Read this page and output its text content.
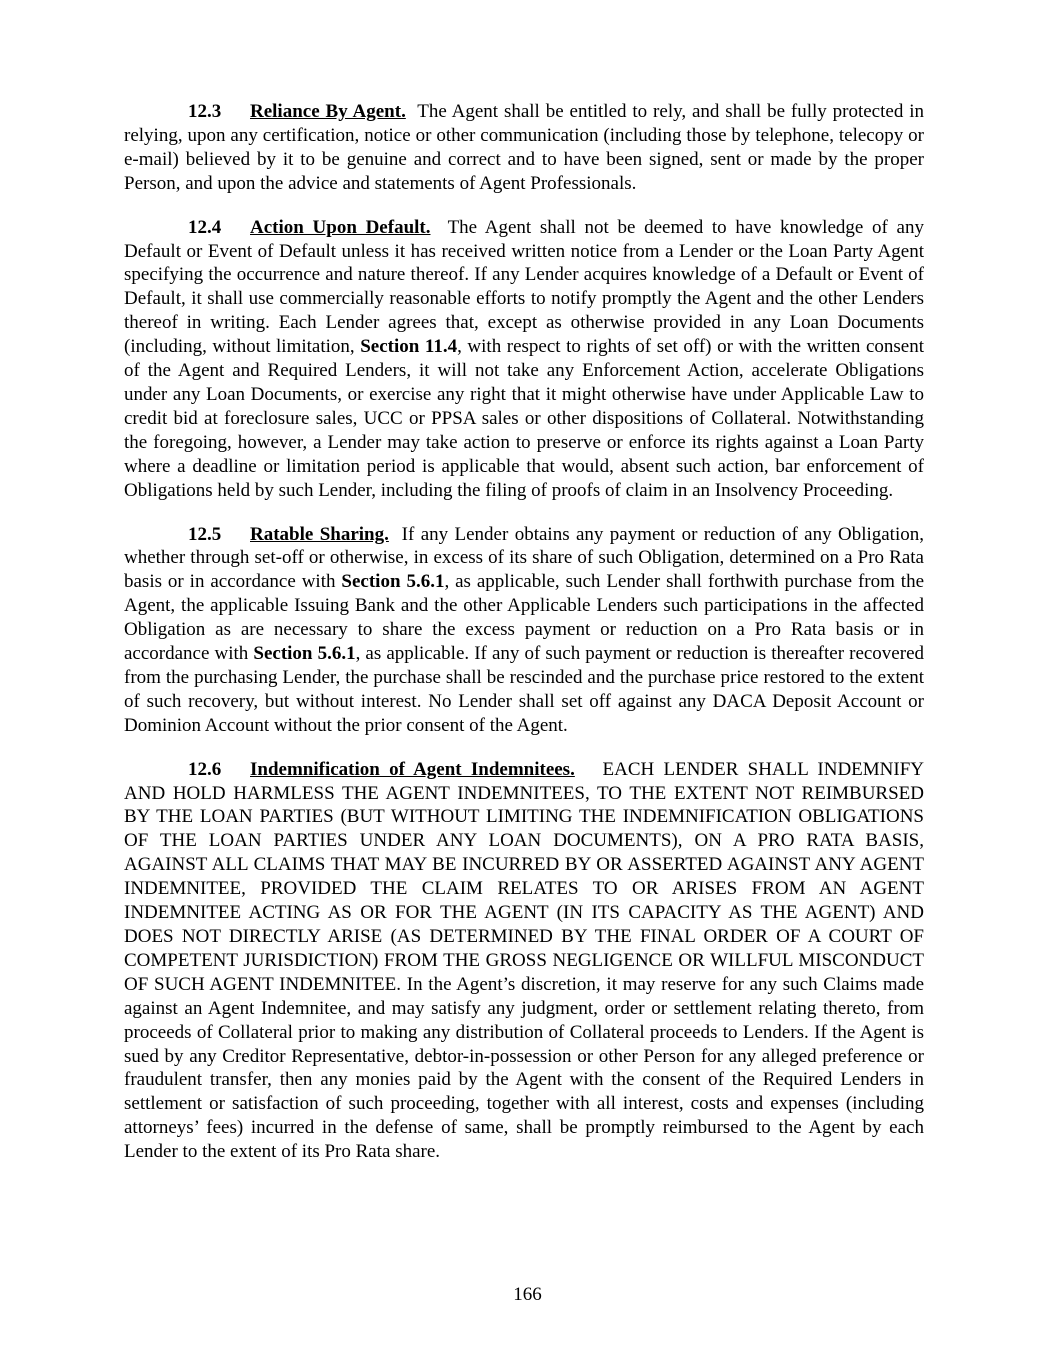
12.3 Reliance By Agent. The Agent shall be entitled to rely, and shall be fully protected in relying, upon any certification, notice or other communication (including those by telephone, telecopy or e-mail) believed by it to be genuine and correct and to have been signed, sent or made by the proper Person, and upon the advice and statements of Agent Professionals.

12.4 Action Upon Default. The Agent shall not be deemed to have knowledge of any Default or Event of Default unless it has received written notice from a Lender or the Loan Party Agent specifying the occurrence and nature thereof. If any Lender acquires knowledge of a Default or Event of Default, it shall use commercially reasonable efforts to notify promptly the Agent and the other Lenders thereof in writing. Each Lender agrees that, except as otherwise provided in any Loan Documents (including, without limitation, Section 11.4, with respect to rights of set off) or with the written consent of the Agent and Required Lenders, it will not take any Enforcement Action, accelerate Obligations under any Loan Documents, or exercise any right that it might otherwise have under Applicable Law to credit bid at foreclosure sales, UCC or PPSA sales or other dispositions of Collateral. Notwithstanding the foregoing, however, a Lender may take action to preserve or enforce its rights against a Loan Party where a deadline or limitation period is applicable that would, absent such action, bar enforcement of Obligations held by such Lender, including the filing of proofs of claim in an Insolvency Proceeding.

12.5 Ratable Sharing. If any Lender obtains any payment or reduction of any Obligation, whether through set-off or otherwise, in excess of its share of such Obligation, determined on a Pro Rata basis or in accordance with Section 5.6.1, as applicable, such Lender shall forthwith purchase from the Agent, the applicable Issuing Bank and the other Applicable Lenders such participations in the affected Obligation as are necessary to share the excess payment or reduction on a Pro Rata basis or in accordance with Section 5.6.1, as applicable. If any of such payment or reduction is thereafter recovered from the purchasing Lender, the purchase shall be rescinded and the purchase price restored to the extent of such recovery, but without interest. No Lender shall set off against any DACA Deposit Account or Dominion Account without the prior consent of the Agent.

12.6 Indemnification of Agent Indemnitees. EACH LENDER SHALL INDEMNIFY AND HOLD HARMLESS THE AGENT INDEMNITEES, TO THE EXTENT NOT REIMBURSED BY THE LOAN PARTIES (BUT WITHOUT LIMITING THE INDEMNIFICATION OBLIGATIONS OF THE LOAN PARTIES UNDER ANY LOAN DOCUMENTS), ON A PRO RATA BASIS, AGAINST ALL CLAIMS THAT MAY BE INCURRED BY OR ASSERTED AGAINST ANY AGENT INDEMNITEE, PROVIDED THE CLAIM RELATES TO OR ARISES FROM AN AGENT INDEMNITEE ACTING AS OR FOR THE AGENT (IN ITS CAPACITY AS THE AGENT) AND DOES NOT DIRECTLY ARISE (AS DETERMINED BY THE FINAL ORDER OF A COURT OF COMPETENT JURISDICTION) FROM THE GROSS NEGLIGENCE OR WILLFUL MISCONDUCT OF SUCH AGENT INDEMNITEE. In the Agent’s discretion, it may reserve for any such Claims made against an Agent Indemnitee, and may satisfy any judgment, order or settlement relating thereto, from proceeds of Collateral prior to making any distribution of Collateral proceeds to Lenders. If the Agent is sued by any Creditor Representative, debtor-in-possession or other Person for any alleged preference or fraudulent transfer, then any monies paid by the Agent with the consent of the Required Lenders in settlement or satisfaction of such proceeding, together with all interest, costs and expenses (including attorneys’ fees) incurred in the defense of same, shall be promptly reimbursed to the Agent by each Lender to the extent of its Pro Rata share.

166
